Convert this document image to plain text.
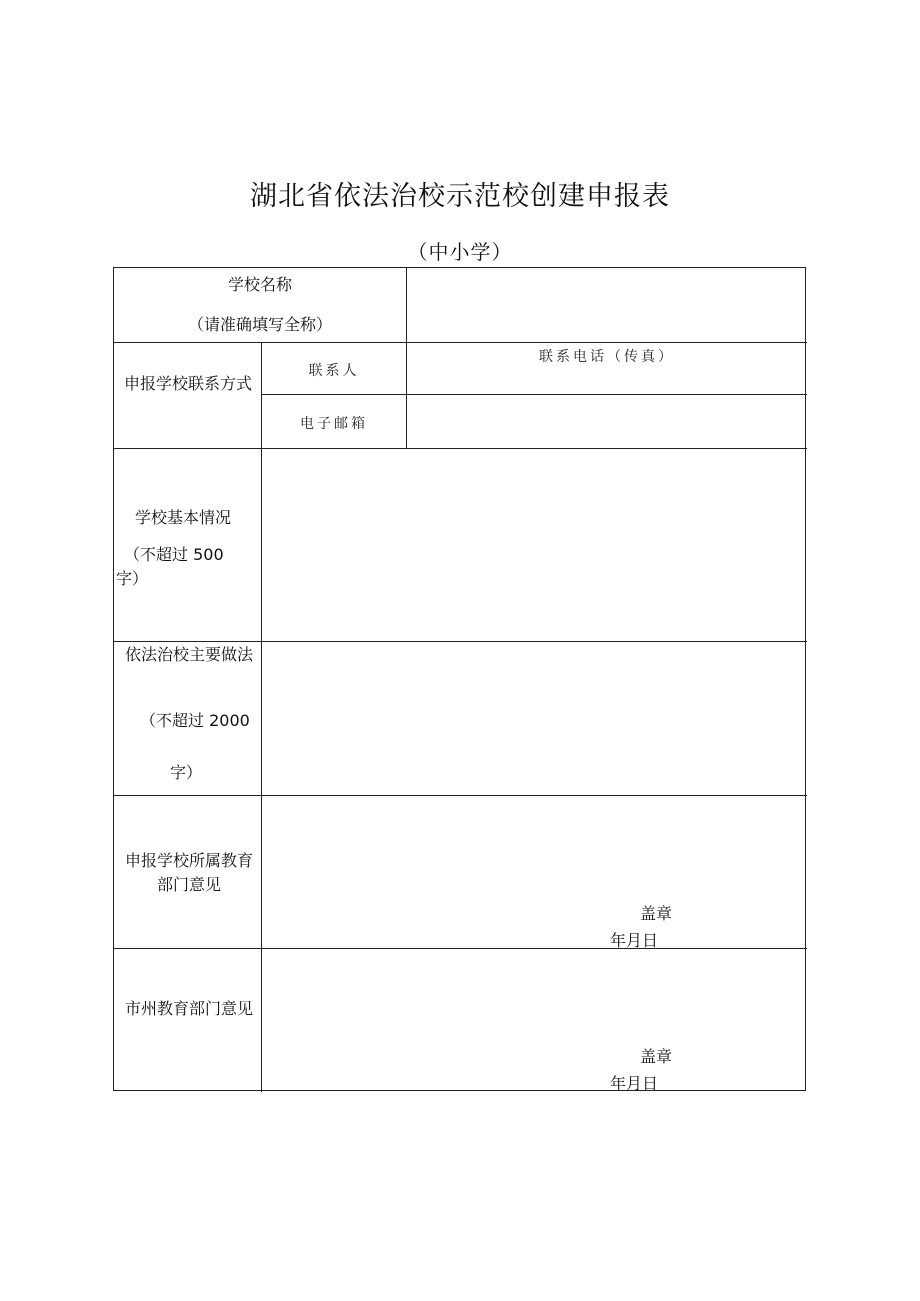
湖北省依法治校示范校创建申报表
（中小学）
学校名称
（请准确填写全称）
申报学校联系方式
联系人
联系电话（传真）
电子邮箱
学校基本情况
（不超过 500
字）
依法治校主要做法
（不超过 2000
字）
申报学校所属教育部门意见
盖章
年月日
市州教育部门意见
盖章
年月日
